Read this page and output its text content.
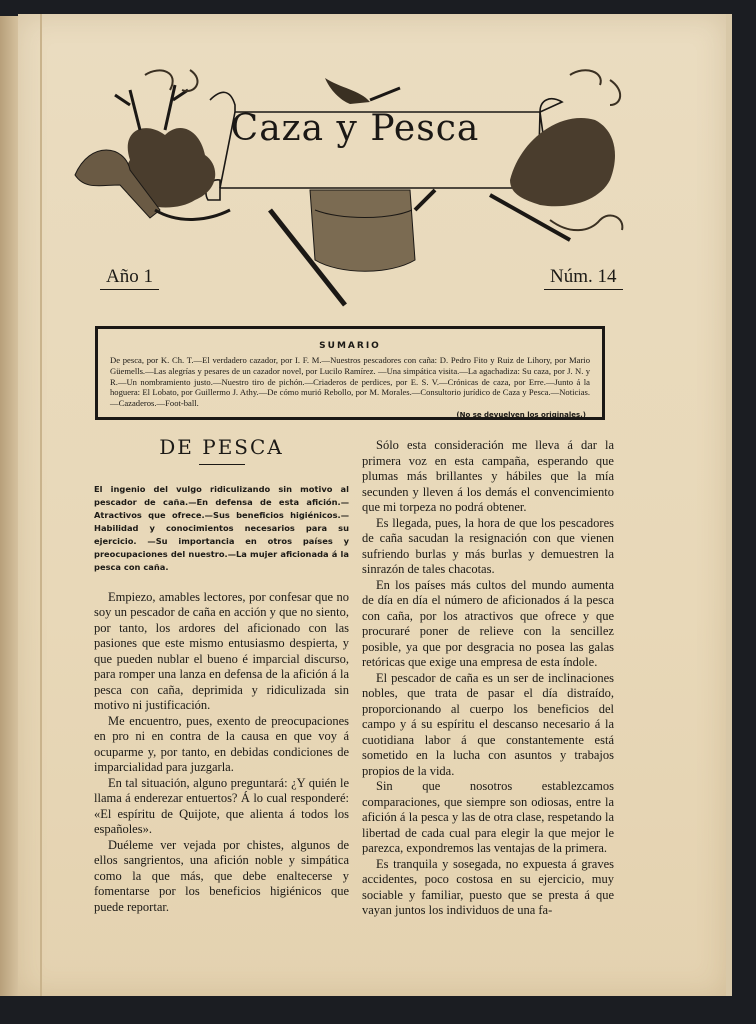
Caza y Pesca
Año 1	Núm. 14
SUMARIO
De pesca, por K. Ch. T.—El verdadero cazador, por I. F. M.—Nuestros pescadores con caña: D. Pedro Fito y Ruiz de Lihory, por Mario Güemells.—Las alegrías y pesares de un cazador novel, por Lucilo Ramírez. —Una simpática visita.—La agachadiza: Su caza, por J. N. y R.—Un nombramiento justo.—Nuestro tiro de pichón.—Criaderos de perdices, por E. S. V.—Crónicas de caza, por Erre.—Junto á la hoguera: El Lobato, por Guillermo J. Athy.—De cómo murió Rebollo, por M. Morales.—Consultorio jurídico de Caza y Pesca.—Noticias.—Cazaderos.—Foot-ball.
(No se devuelven los originales.)
DE PESCA

El ingenio del vulgo ridiculizando sin motivo al pescador de caña.—En defensa de esta afición.—Atractivos que ofrece.—Sus beneficios higiénicos.—Habilidad y conocimientos necesarios para su ejercicio. —Su importancia en otros países y preocupaciones del nuestro.—La mujer aficionada á la pesca con caña.

Empiezo, amables lectores, por confesar que no soy un pescador de caña en acción y que no siento, por tanto, los ardores del aficionado con las pasiones que este mismo entusiasmo despierta, y que pueden nublar el bueno é imparcial discurso, para romper una lanza en defensa de la afición á la pesca con caña, deprimida y ridiculizada sin motivo ni justificación.

Me encuentro, pues, exento de preocupaciones en pro ni en contra de la causa en que voy á ocuparme y, por tanto, en debidas condiciones de imparcialidad para juzgarla.

En tal situación, alguno preguntará: ¿Y quién le llama á enderezar entuertos? Á lo cual responderé: «El espíritu de Quijote, que alienta á todos los españoles».

Duéleme ver vejada por chistes, algunos de ellos sangrientos, una afición noble y simpática como la que más, que debe enaltecerse y fomentarse por los beneficios higiénicos que puede reportar.

Sólo esta consideración me lleva á dar la primera voz en esta campaña, esperando que plumas más brillantes y hábiles que la mía secunden y lleven á los demás el convencimiento que mi torpeza no podrá obtener.

Es llegada, pues, la hora de que los pescadores de caña sacudan la resignación con que vienen sufriendo burlas y más burlas y demuestren la sinrazón de tales chacotas.

En los países más cultos del mundo aumenta de día en día el número de aficionados á la pesca con caña, por los atractivos que ofrece y que procuraré poner de relieve con la sencillez posible, ya que por desgracia no posea las galas retóricas que exige una empresa de esta índole.

El pescador de caña es un ser de inclinaciones nobles, que trata de pasar el día distraído, proporcionando al cuerpo los beneficios del campo y á su espíritu el descanso necesario á la cuotidiana labor á que constantemente está sometido en la lucha con asuntos y trabajos propios de la vida.

Sin que nosotros establezcamos comparaciones, que siempre son odiosas, entre la afición á la pesca y las de otra clase, respetando la libertad de cada cual para elegir la que mejor le parezca, expondremos las ventajas de la primera.

Es tranquila y sosegada, no expuesta á graves accidentes, poco costosa en su ejercicio, muy sociable y familiar, puesto que se presta á que vayan juntos los individuos de una fa-
